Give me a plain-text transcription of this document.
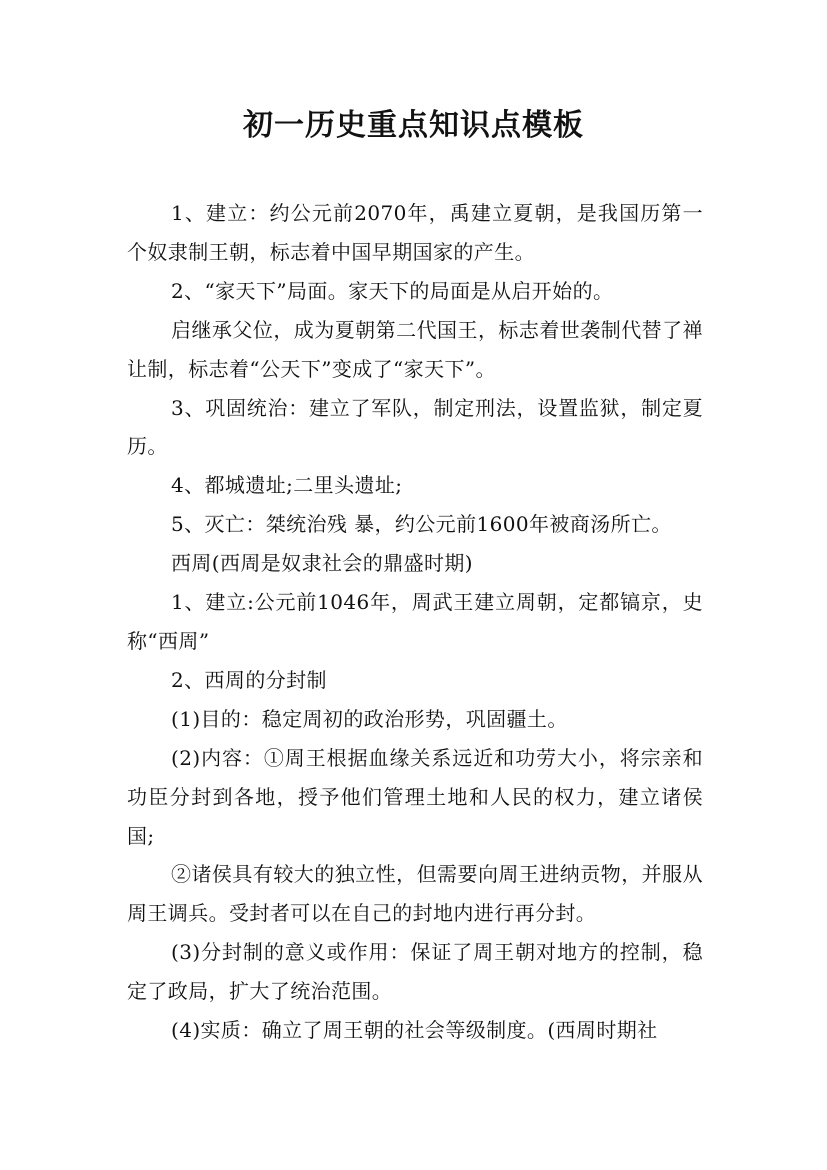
初一历史重点知识点模板

1、建立：约公元前2070年，禹建立夏朝，是我国历第一个奴隶制王朝，标志着中国早期国家的产生。

2、“家天下”局面。家天下的局面是从启开始的。

启继承父位，成为夏朝第二代国王，标志着世袭制代替了禅让制，标志着“公天下”变成了“家天下”。

3、巩固统治：建立了军队，制定刑法，设置监狱，制定夏历。

4、都城遗址;二里头遗址;

5、灭亡：桀统治残 暴，约公元前1600年被商汤所亡。

西周(西周是奴隶社会的鼎盛时期)

1、建立:公元前1046年，周武王建立周朝，定都镐京，史称“西周”

2、西周的分封制

(1)目的：稳定周初的政治形势，巩固疆土。

(2)内容：①周王根据血缘关系远近和功劳大小，将宗亲和功臣分封到各地，授予他们管理土地和人民的权力，建立诸侯国;

②诸侯具有较大的独立性，但需要向周王进纳贡物，并服从周王调兵。受封者可以在自己的封地内进行再分封。

(3)分封制的意义或作用：保证了周王朝对地方的控制，稳定了政局，扩大了统治范围。

(4)实质：确立了周王朝的社会等级制度。(西周时期社
